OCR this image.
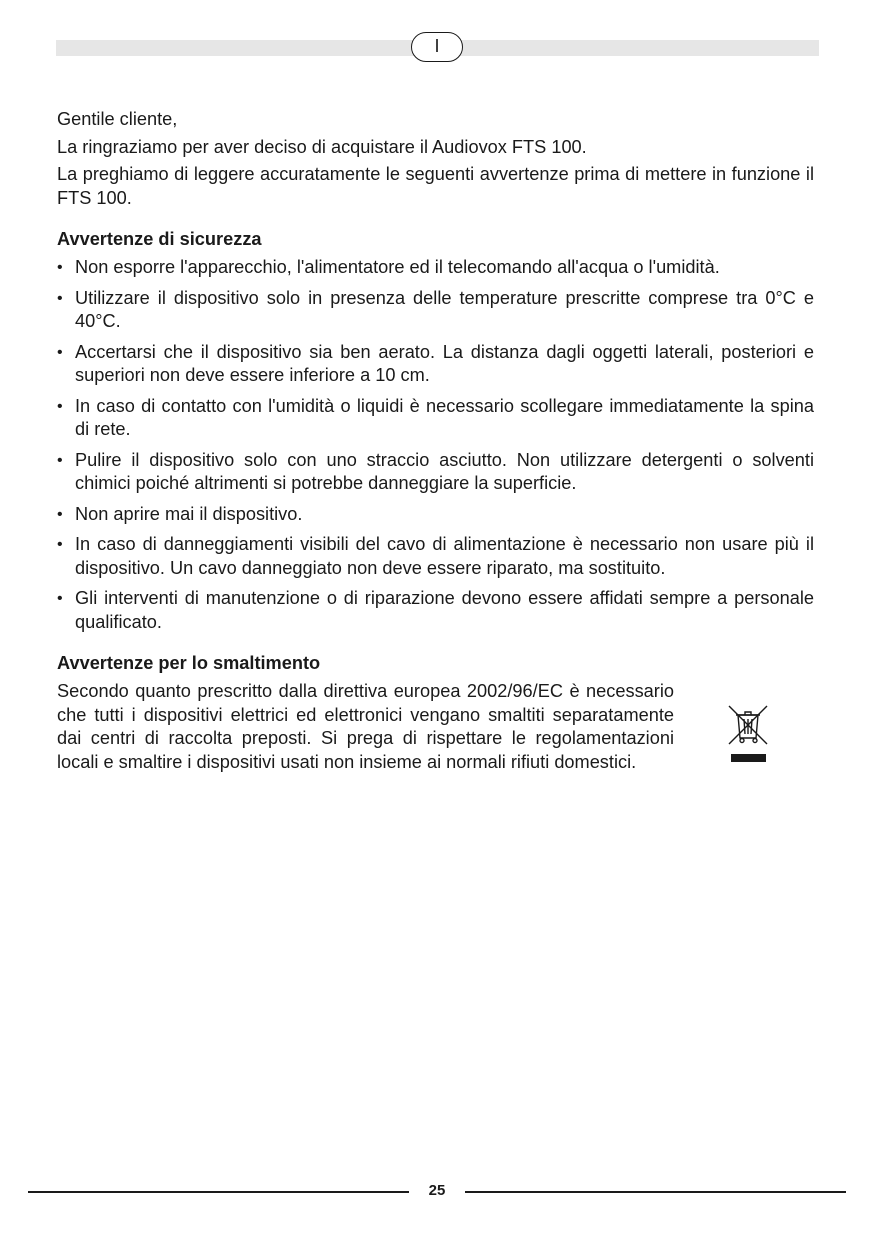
I

Gentile cliente,

La ringraziamo per aver deciso di acquistare il Audiovox FTS 100.

La preghiamo di leggere accuratamente le seguenti avvertenze prima di mettere in funzione il FTS 100.

Avvertenze di sicurezza
• Non esporre l'apparecchio, l'alimentatore ed il telecomando all'acqua o l'umidità.
• Utilizzare il dispositivo solo in presenza delle temperature prescritte comprese tra 0°C e 40°C.
• Accertarsi che il dispositivo sia ben aerato. La distanza dagli oggetti laterali, posteriori e superiori non deve essere inferiore a 10 cm.
• In caso di contatto con l'umidità o liquidi è necessario scollegare immediatamente la spina di rete.
• Pulire il dispositivo solo con uno straccio asciutto. Non utilizzare detergenti o solventi chimici poiché altrimenti si potrebbe danneggiare la superficie.
• Non aprire mai il dispositivo.
• In caso di danneggiamenti visibili del cavo di alimentazione è necessario non usare più il dispositivo. Un cavo danneggiato non deve essere riparato, ma sostituito.
• Gli interventi di manutenzione o di riparazione devono essere affidati sempre a personale qualificato.
Avvertenze per lo smaltimento

Secondo quanto prescritto dalla direttiva europea 2002/96/EC è necessario che tutti i dispositivi elettrici ed elettronici vengano smaltiti separatamente dai centri di raccolta preposti. Si prega di rispettare le regolamentazioni locali e smaltire i dispositivi usati non insieme ai normali rifiuti domestici.

25
